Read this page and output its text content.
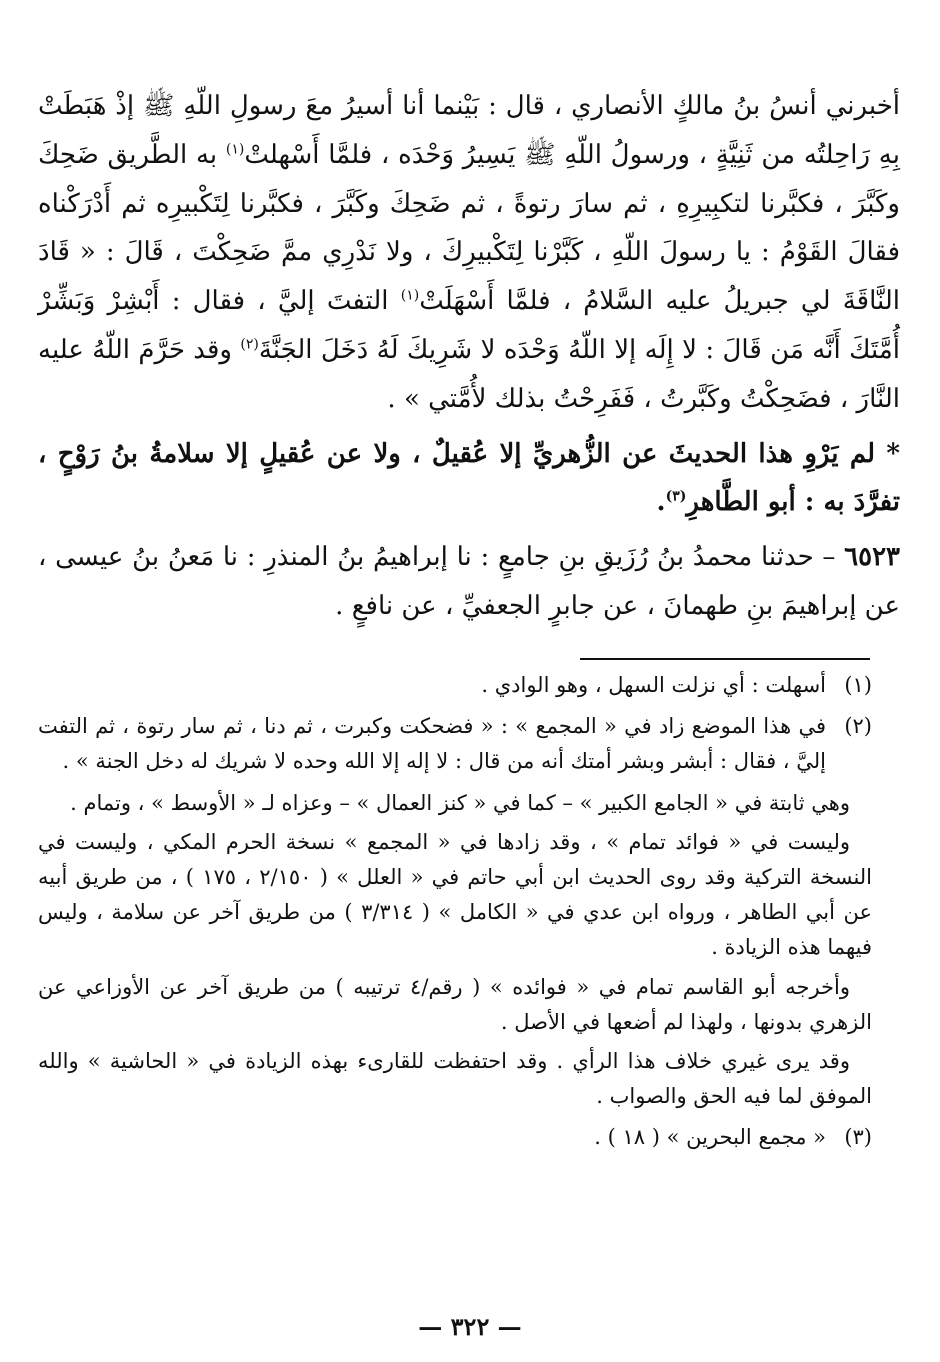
أخبرني أنسُ بنُ مالكٍ الأنصاري ، قال : بَيْنما أنا أسيرُ معَ رسولِ اللّهِ ﷺ إذْ هَبَطَتْ بِهِ رَاحِلتُه من ثَنِيَّةٍ ، ورسولُ اللّهِ ﷺ يَسِيرُ وَحْدَه ، فلمَّا أَسْهلتْ$^{(١)}$ به الطَّريق ضَحِكَ وكَبَّرَ ، فكبَّرنا لتكبِيرِهِ ، ثم سارَ رتوةً ، ثم ضَحِكَ وكَبَّرَ ، فكبَّرنا لِتَكْبيرِه ثم أَدْرَكْناه فقالَ القَوْمُ : يا رسولَ اللّهِ ، كَبَّرْنا لِتَكْبيرِكَ ، ولا نَدْرِي ممَّ ضَحِكْتَ ، قَالَ : « قَادَ النَّاقَةَ لي جبريلُ عليه السَّلامُ ، فلمَّا أَسْهَلَتْ$^{(١)}$ التفتَ إليَّ ، فقال : أَبْشِرْ وَبَشِّرْ أُمَّتَكَ أَنَّه مَن قَالَ : لا إِلَه إلا اللّهُ وَحْدَه لا شَرِيكَ لَهُ دَخَلَ الجَنَّةَ$^{(٢)}$ وقد حَرَّمَ اللّهُ عليه النَّارَ ، فضَحِكْتُ وكَبَّرتُ ، فَفَرِحْتُ بذلك لأُمَّتي » .

* لم يَرْوِ هذا الحديثَ عن الزُّهريِّ إلا عُقيلٌ ، ولا عن عُقيلٍ إلا سلامةُ بنُ رَوْحٍ ، تفرَّدَ به : أبو الطَّاهرِ$^{(٣)}$.

٦٥٢٣ – حدثنا محمدُ بنُ رُزَيقِ بنِ جامعٍ : نا إبراهيمُ بنُ المنذرِ : نا مَعنُ بنُ عيسى ، عن إبراهيمَ بنِ طهمانَ ، عن جابرٍ الجعفيِّ ، عن نافعٍ .

(١)

أسهلت : أي نزلت السهل ، وهو الوادي .

(٢)

في هذا الموضع زاد في « المجمع » : « فضحكت وكبرت ، ثم دنا ، ثم سار رتوة ، ثم التفت إليَّ ، فقال : أبشر وبشر أمتك أنه من قال : لا إله إلا الله وحده لا شريك له دخل الجنة » .

وهي ثابتة في « الجامع الكبير » – كما في « كنز العمال » – وعزاه لـ « الأوسط » ، وتمام .

وليست في « فوائد تمام » ، وقد زادها في « المجمع » نسخة الحرم المكي ، وليست في النسخة التركية وقد روى الحديث ابن أبي حاتم في « العلل » ( ٢/١٥٠ ، ١٧٥ ) ، من طريق أبيه عن أبي الطاهر ، ورواه ابن عدي في « الكامل » ( ٣/٣١٤ ) من طريق آخر عن سلامة ، وليس فيهما هذه الزيادة .

وأخرجه أبو القاسم تمام في « فوائده » ( رقم/٤ ترتيبه ) من طريق آخر عن الأوزاعي عن الزهري بدونها ، ولهذا لم أضعها في الأصل .

وقد يرى غيري خلاف هذا الرأي . وقد احتفظت للقارىء بهذه الزيادة في « الحاشية » والله الموفق لما فيه الحق والصواب .

(٣)

« مجمع البحرين » ( ١٨ ) .

— ٣٢٢ —
